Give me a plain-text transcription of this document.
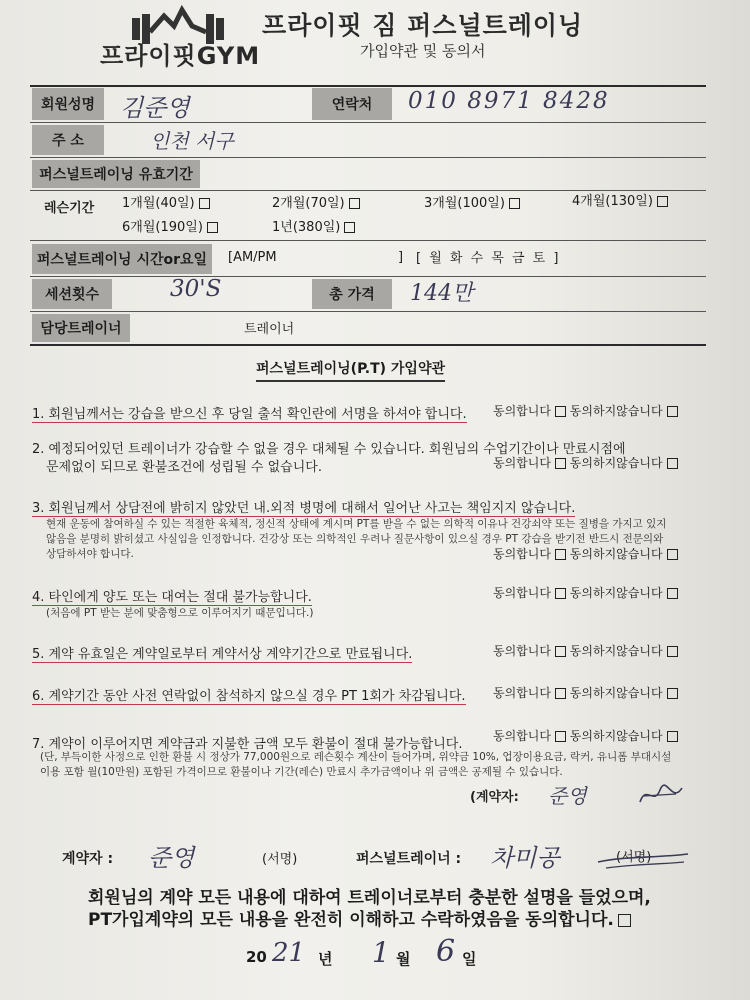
프라이핏GYM
프라이핏 짐 퍼스널트레이닝
가입약관 및 동의서
회원성명	김준영	연락처	010 8971 8428
주 소	인천 서구
퍼스널트레이닝 유효기간
레슨기간 1개월(40일)	2개월(70일)	3개월(100일)	4개월(130일)
6개월(190일)	1년(380일)
퍼스널트레이닝 시간or요일	[AM/PM	] [ 월 화 수 목 금 토 ]
세션횟수	30'S	총 가격	144만
담당트레이너	트레이너
퍼스널트레이닝(P.T) 가입약관
1. 회원님께서는 강습을 받으신 후 당일 출석 확인란에 서명을 하셔야 합니다. 동의합니다 동의하지않습니다
2. 예정되어있던 트레이너가 강습할 수 없을 경우 대체될 수 있습니다. 회원님의 수업기간이나 만료시점에
문제없이 되므로 환불조건에 성립될 수 없습니다.	동의합니다 동의하지않습니다
3. 회원님께서 상담전에 밝히지 않았던 내.외적 병명에 대해서 일어난 사고는 책임지지 않습니다.
현재 운동에 참여하실 수 있는 적절한 육체적, 정신적 상태에 계시며 PT를 받을 수 없는 의학적 이유나 건강쇠약 또는 질병을 가지고 있지 않음을 분명히 밝히셨고 사실임을 인정합니다. 건강상 또는 의학적인 우려나 질문사항이 있으실 경우 PT 강습을 받기전 반드시 전문의와 상담하셔야 합니다.	동의합니다 동의하지않습니다
4. 타인에게 양도 또는 대여는 절대 불가능합니다.
(처음에 PT 받는 분에 맞춤형으로 이루어지기 때문입니다.)
동의합니다 동의하지않습니다
5. 계약 유효일은 계약일로부터 계약서상 계약기간으로 만료됩니다.	동의합니다 동의하지않습니다
6. 계약기간 동안 사전 연락없이 참석하지 않으실 경우 PT 1회가 차감됩니다. 동의합니다 동의하지않습니다
7. 계약이 이루어지면 계약금과 지불한 금액 모두 환불이 절대 불가능합니다.
동의합니다 동의하지않습니다
(단, 부득이한 사정으로 인한 환불 시 정상가 77,000원으로 레슨횟수 계산이 들어가며, 위약금 10%, 업장이용요금, 락커, 유니폼 부대시설이용 포함 월(10만원) 포함된 가격이므로 환불이나 기간(레슨) 만료시 추가금액이나 위 금액은 공제될 수 있습니다.
(계약자: 준영
계약자 : 준영	(서명)	퍼스널트레이너 : 차미공	(서명)
회원님의 계약 모든 내용에 대하여 트레이너로부터 충분한 설명을 들었으며,
PT가입계약의 모든 내용을 완전히 이해하고 수락하였음을 동의합니다.
20 21 년 1 월 6 일
